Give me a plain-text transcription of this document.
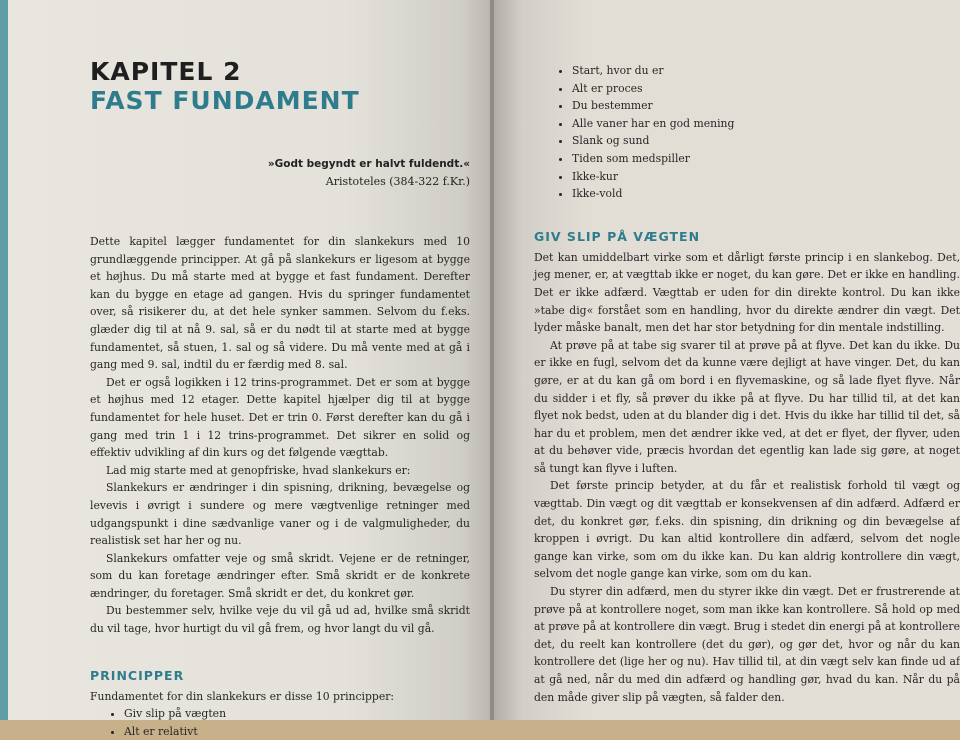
KAPITEL 2
FAST FUNDAMENT
»Godt begyndt er halvt fuldendt.«
Aristoteles (384-322 f.Kr.)

Dette kapitel lægger fundamentet for din slankekurs med 10 grundlæggende principper. At gå på slankekurs er ligesom at bygge et højhus. Du må starte med at bygge et fast fundament. Derefter kan du bygge en etage ad gangen. Hvis du springer fundamentet over, så risikerer du, at det hele synker sammen. Selvom du f.eks. glæder dig til at nå 9. sal, så er du nødt til at starte med at bygge fundamentet, så stuen, 1. sal og så videre. Du må vente med at gå i gang med 9. sal, indtil du er færdig med 8. sal.

Det er også logikken i 12 trins-programmet. Det er som at bygge et højhus med 12 etager. Dette kapitel hjælper dig til at bygge fundamentet for hele huset. Det er trin 0. Først derefter kan du gå i gang med trin 1 i 12 trins-programmet. Det sikrer en solid og effektiv udvikling af din kurs og det følgende vægttab.

Lad mig starte med at genopfriske, hvad slankekurs er:

Slankekurs er ændringer i din spisning, drikning, bevægelse og levevis i øvrigt i sundere og mere vægtvenlige retninger med udgangspunkt i dine sædvanlige vaner og i de valgmuligheder, du realistisk set har her og nu.

Slankekurs omfatter veje og små skridt. Vejene er de retninger, som du kan foretage ændringer efter. Små skridt er de konkrete ændringer, du foretager. Små skridt er det, du konkret gør.

Du bestemmer selv, hvilke veje du vil gå ud ad, hvilke små skridt du vil tage, hvor hurtigt du vil gå frem, og hvor langt du vil gå.

PRINCIPPER
Fundamentet for din slankekurs er disse 10 principper:
• Giv slip på vægten
• Alt er relativt
• Start, hvor du er
• Alt er proces
• Du bestemmer
• Alle vaner har en god mening
• Slank og sund
• Tiden som medspiller
• Ikke-kur
• Ikke-vold
GIV SLIP PÅ VÆGTEN

Det kan umiddelbart virke som et dårligt første princip i en slankebog. Det, jeg mener, er, at vægttab ikke er noget, du kan gøre. Det er ikke en handling. Det er ikke adfærd. Vægttab er uden for din direkte kontrol. Du kan ikke »tabe dig« forstået som en handling, hvor du direkte ændrer din vægt. Det lyder måske banalt, men det har stor betydning for din mentale indstilling.

At prøve på at tabe sig svarer til at prøve på at flyve. Det kan du ikke. Du er ikke en fugl, selvom det da kunne være dejligt at have vinger. Det, du kan gøre, er at du kan gå om bord i en flyvemaskine, og så lade flyet flyve. Når du sidder i et fly, så prøver du ikke på at flyve. Du har tillid til, at det kan flyet nok bedst, uden at du blander dig i det. Hvis du ikke har tillid til det, så har du et problem, men det ændrer ikke ved, at det er flyet, der flyver, uden at du behøver vide, præcis hvordan det egentlig kan lade sig gøre, at noget så tungt kan flyve i luften.

Det første princip betyder, at du får et realistisk forhold til vægt og vægttab. Din vægt og dit vægttab er konsekvensen af din adfærd. Adfærd er det, du konkret gør, f.eks. din spisning, din drikning og din bevægelse af kroppen i øvrigt. Du kan altid kontrollere din adfærd, selvom det nogle gange kan virke, som om du ikke kan. Du kan aldrig kontrollere din vægt, selvom det nogle gange kan virke, som om du kan.

Du styrer din adfærd, men du styrer ikke din vægt. Det er frustrerende at prøve på at kontrollere noget, som man ikke kan kontrollere. Så hold op med at prøve på at kontrollere din vægt. Brug i stedet din energi på at kontrollere det, du reelt kan kontrollere (det du gør), og gør det, hvor og når du kan kontrollere det (lige her og nu). Hav tillid til, at din vægt selv kan finde ud af at gå ned, når du med din adfærd og handling gør, hvad du kan. Når du på den måde giver slip på vægten, så falder den.
